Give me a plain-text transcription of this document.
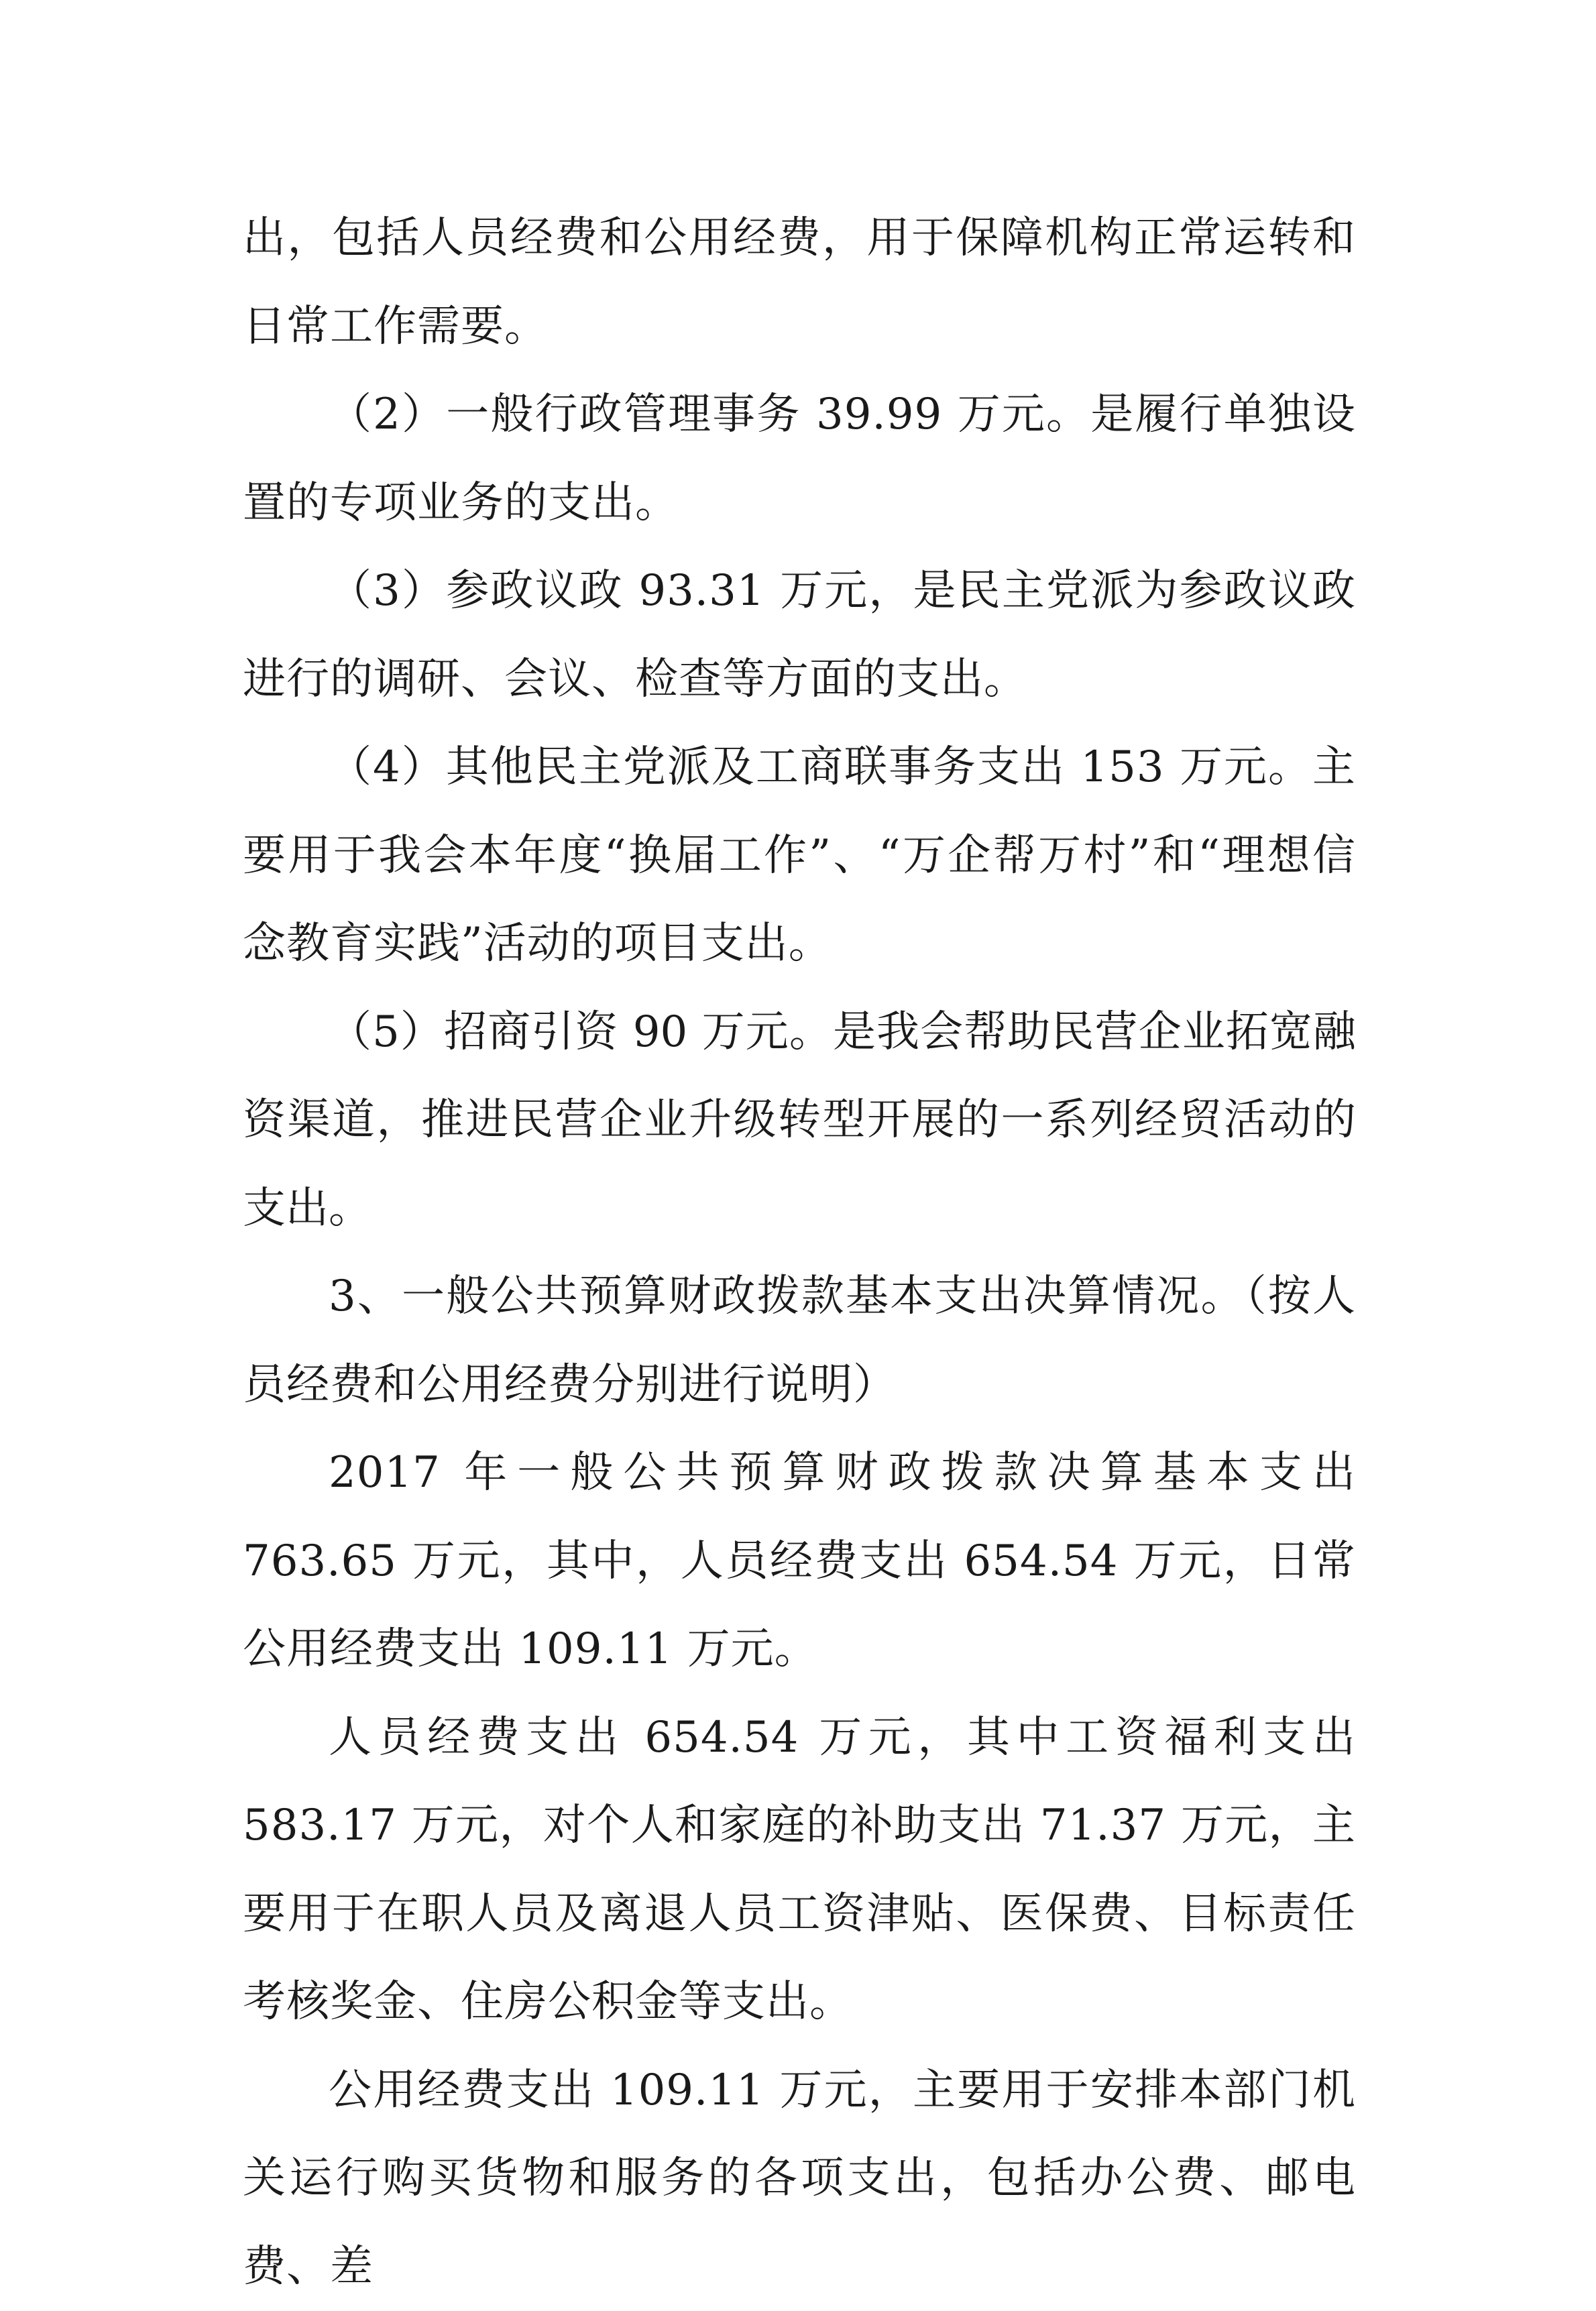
出，包括人员经费和公用经费，用于保障机构正常运转和日常工作需要。

（2）一般行政管理事务 39.99 万元。是履行单独设置的专项业务的支出。

（3）参政议政 93.31 万元，是民主党派为参政议政进行的调研、会议、检查等方面的支出。

（4）其他民主党派及工商联事务支出 153 万元。主要用于我会本年度“换届工作”、“万企帮万村”和“理想信念教育实践”活动的项目支出。

（5）招商引资 90 万元。是我会帮助民营企业拓宽融资渠道，推进民营企业升级转型开展的一系列经贸活动的支出。

3、一般公共预算财政拨款基本支出决算情况。（按人员经费和公用经费分别进行说明）

2017 年一般公共预算财政拨款决算基本支出 763.65 万元，其中，人员经费支出 654.54 万元，日常公用经费支出 109.11 万元。

人员经费支出 654.54 万元，其中工资福利支出 583.17 万元，对个人和家庭的补助支出 71.37 万元，主要用于在职人员及离退人员工资津贴、医保费、目标责任考核奖金、住房公积金等支出。

公用经费支出 109.11 万元，主要用于安排本部门机关运行购买货物和服务的各项支出，包括办公费、邮电费、差
